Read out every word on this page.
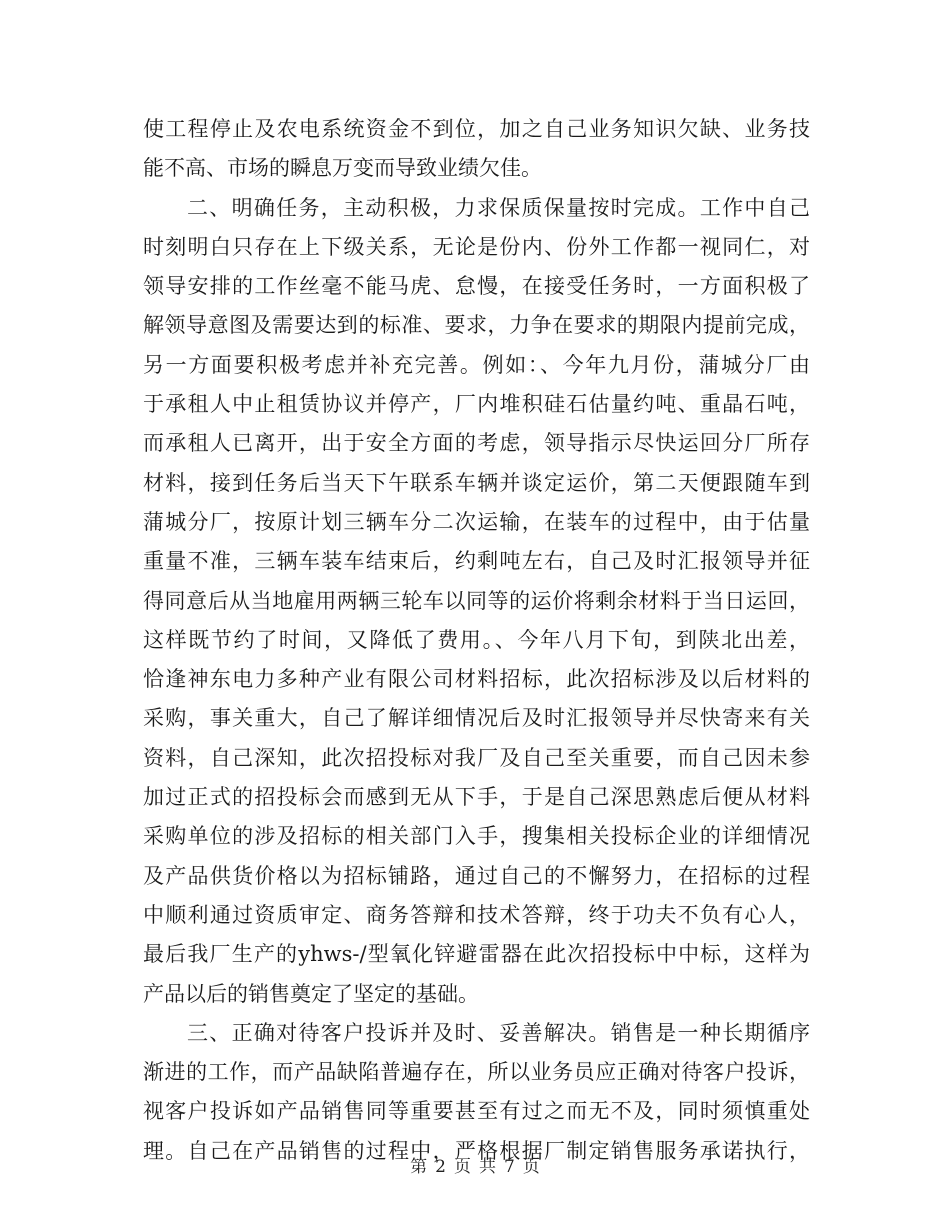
使工程停止及农电系统资金不到位，加之自己业务知识欠缺、业务技
能不高、市场的瞬息万变而导致业绩欠佳。
二、明确任务，主动积极，力求保质保量按时完成。工作中自己
时刻明白只存在上下级关系，无论是份内、份外工作都一视同仁，对
领导安排的工作丝毫不能马虎、怠慢，在接受任务时，一方面积极了
解领导意图及需要达到的标准、要求，力争在要求的期限内提前完成，
另一方面要积极考虑并补充完善。例如：、今年九月份，蒲城分厂由
于承租人中止租赁协议并停产，厂内堆积硅石估量约吨、重晶石吨，
而承租人已离开，出于安全方面的考虑，领导指示尽快运回分厂所存
材料，接到任务后当天下午联系车辆并谈定运价，第二天便跟随车到
蒲城分厂，按原计划三辆车分二次运输，在装车的过程中，由于估量
重量不准，三辆车装车结束后，约剩吨左右，自己及时汇报领导并征
得同意后从当地雇用两辆三轮车以同等的运价将剩余材料于当日运回，
这样既节约了时间，又降低了费用。、今年八月下旬，到陕北出差，
恰逢神东电力多种产业有限公司材料招标，此次招标涉及以后材料的
采购，事关重大，自己了解详细情况后及时汇报领导并尽快寄来有关
资料，自己深知，此次招投标对我厂及自己至关重要，而自己因未参
加过正式的招投标会而感到无从下手，于是自己深思熟虑后便从材料
采购单位的涉及招标的相关部门入手，搜集相关投标企业的详细情况
及产品供货价格以为招标铺路，通过自己的不懈努力，在招标的过程
中顺利通过资质审定、商务答辩和技术答辩，终于功夫不负有心人，
最后我厂生产的yhws-/型氧化锌避雷器在此次招投标中中标，这样为
产品以后的销售奠定了坚定的基础。
三、正确对待客户投诉并及时、妥善解决。销售是一种长期循序
渐进的工作，而产品缺陷普遍存在，所以业务员应正确对待客户投诉，
视客户投诉如产品销售同等重要甚至有过之而无不及，同时须慎重处
理。自己在产品销售的过程中，严格根据厂制定销售服务承诺执行，
第 2 页 共 7 页
